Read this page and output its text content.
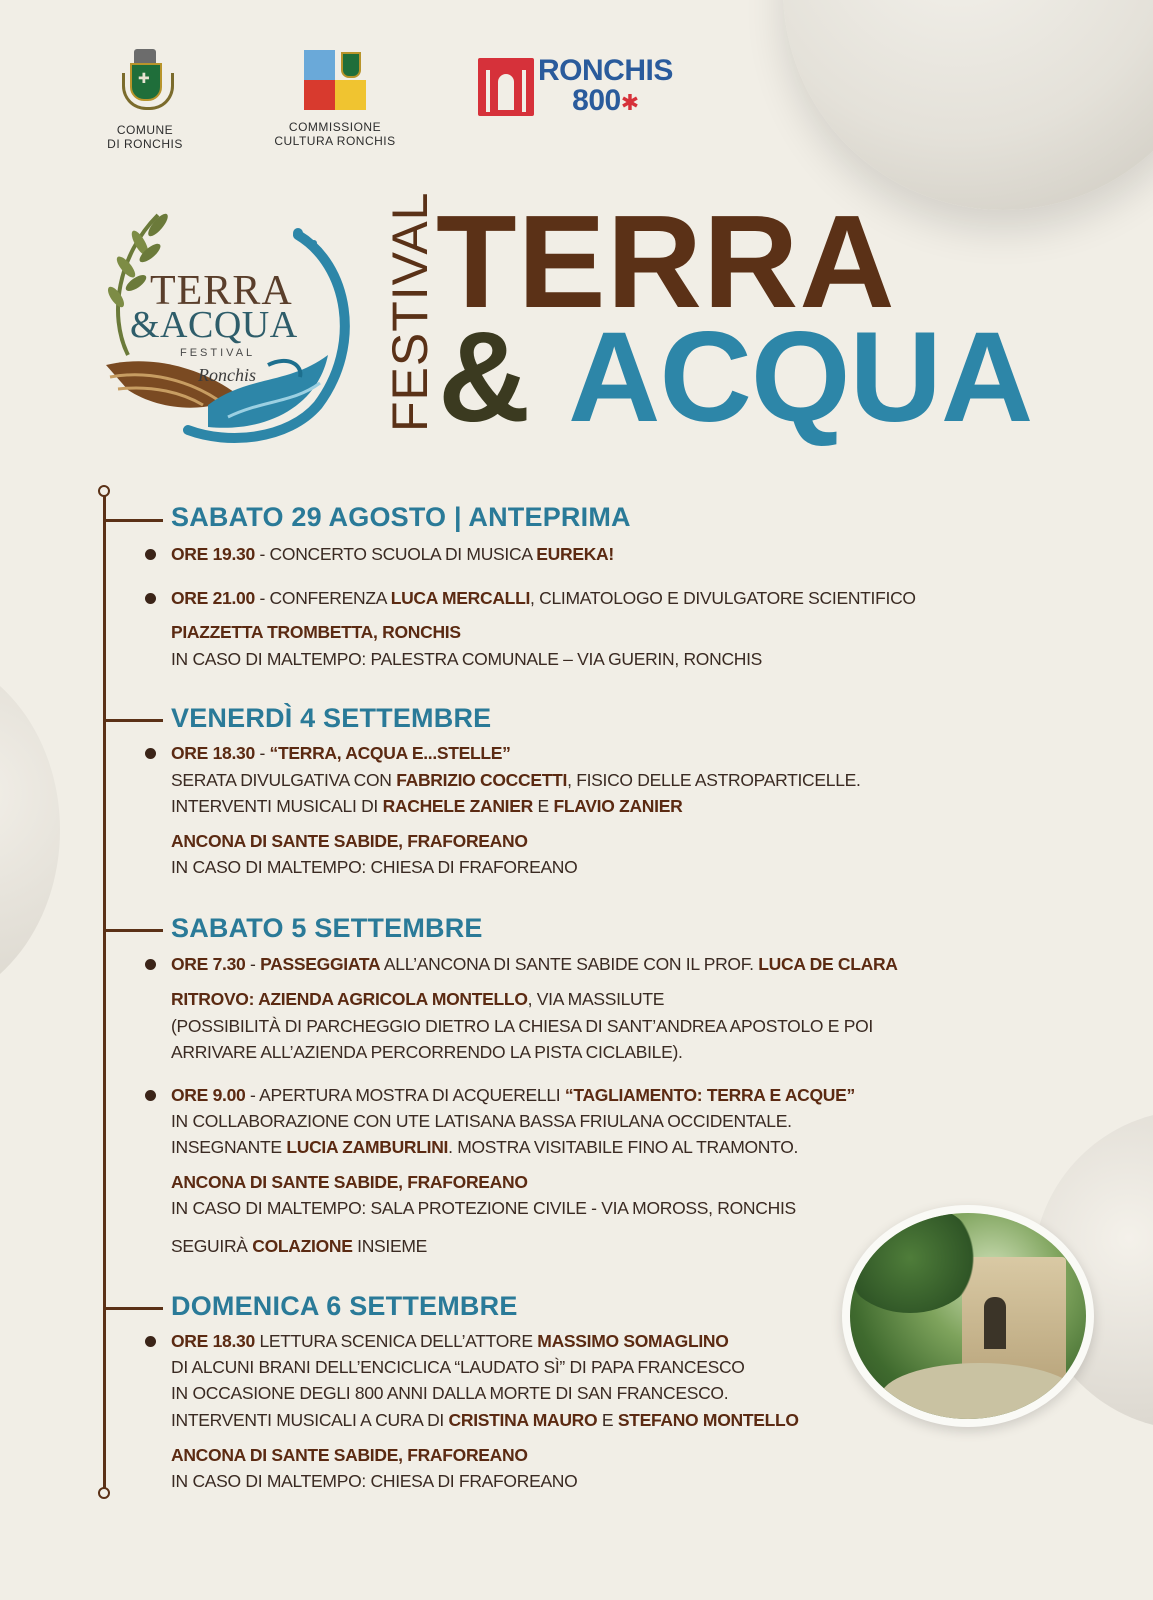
✚
COMUNE
DI RONCHIS
COMMISSIONE
CULTURA RONCHIS
RONCHIS
800✱
TERRA
&ACQUA
FESTIVAL
Ronchis	FESTIVAL
TERRA
& ACQUA
SABATO 29 AGOSTO | ANTEPRIMA
ORE 19.30 - CONCERTO SCUOLA DI MUSICA EUREKA!
ORE 21.00 - CONFERENZA LUCA MERCALLI, CLIMATOLOGO E DIVULGATORE SCIENTIFICO
PIAZZETTA TROMBETTA, RONCHIS
IN CASO DI MALTEMPO: PALESTRA COMUNALE – VIA GUERIN, RONCHIS
VENERDÌ 4 SETTEMBRE
ORE 18.30 - “TERRA, ACQUA E...STELLE”
SERATA DIVULGATIVA CON FABRIZIO COCCETTI, FISICO DELLE ASTROPARTICELLE.
INTERVENTI MUSICALI DI RACHELE ZANIER E FLAVIO ZANIER
ANCONA DI SANTE SABIDE, FRAFOREANO
IN CASO DI MALTEMPO: CHIESA DI FRAFOREANO
SABATO 5 SETTEMBRE
ORE 7.30 - PASSEGGIATA ALL’ANCONA DI SANTE SABIDE CON IL PROF. LUCA DE CLARA
RITROVO: AZIENDA AGRICOLA MONTELLO, VIA MASSILUTE
(POSSIBILITÀ DI PARCHEGGIO DIETRO LA CHIESA DI SANT’ANDREA APOSTOLO E POI
ARRIVARE ALL’AZIENDA PERCORRENDO LA PISTA CICLABILE).
ORE 9.00 - APERTURA MOSTRA DI ACQUERELLI “TAGLIAMENTO: TERRA E ACQUE”
IN COLLABORAZIONE CON UTE LATISANA BASSA FRIULANA OCCIDENTALE.
INSEGNANTE LUCIA ZAMBURLINI. MOSTRA VISITABILE FINO AL TRAMONTO.
ANCONA DI SANTE SABIDE, FRAFOREANO
IN CASO DI MALTEMPO: SALA PROTEZIONE CIVILE - VIA MOROSS, RONCHIS
SEGUIRÀ COLAZIONE INSIEME
DOMENICA 6 SETTEMBRE
ORE 18.30 LETTURA SCENICA DELL’ATTORE MASSIMO SOMAGLINO
DI ALCUNI BRANI DELL’ENCICLICA “LAUDATO SÌ” DI PAPA FRANCESCO
IN OCCASIONE DEGLI 800 ANNI DALLA MORTE DI SAN FRANCESCO.
INTERVENTI MUSICALI A CURA DI CRISTINA MAURO E STEFANO MONTELLO
ANCONA DI SANTE SABIDE, FRAFOREANO
IN CASO DI MALTEMPO: CHIESA DI FRAFOREANO
